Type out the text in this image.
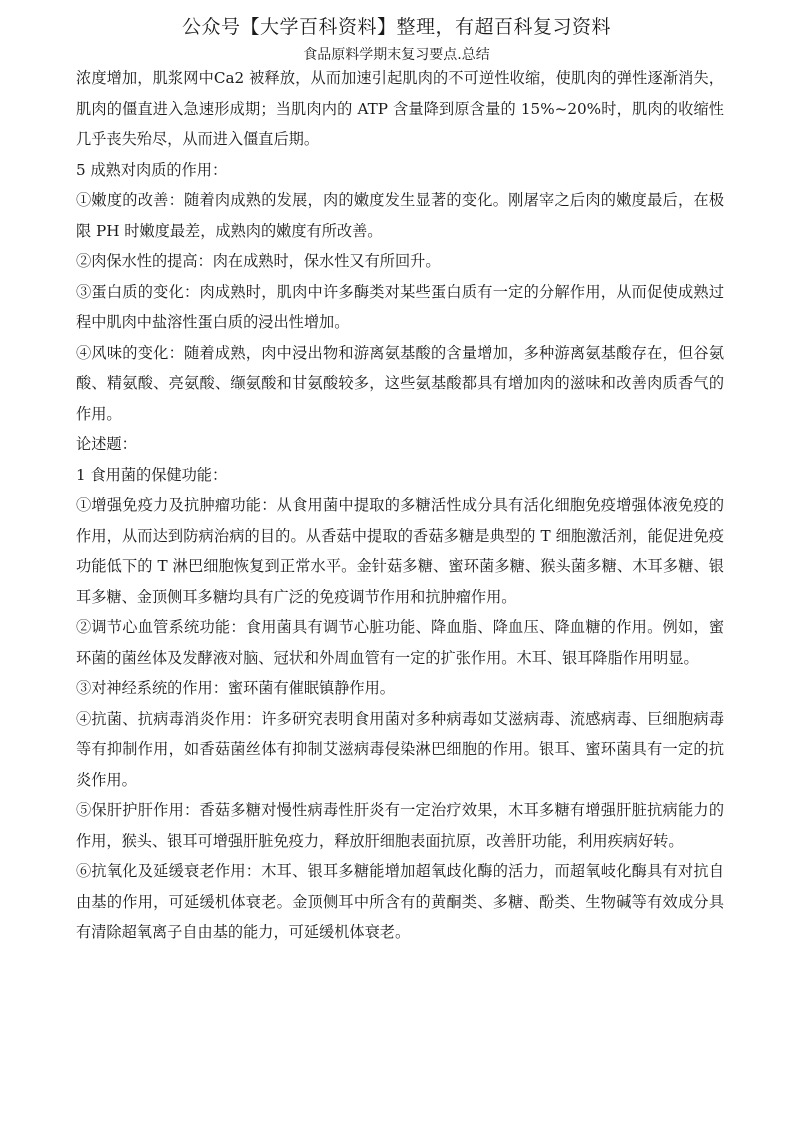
公众号【大学百科资料】整理，有超百科复习资料
食品原料学期末复习要点.总结

浓度增加，肌浆网中Ca2 被释放，从而加速引起肌肉的不可逆性收缩，使肌肉的弹性逐渐消失，肌肉的僵直进入急速形成期；当肌肉内的 ATP 含量降到原含量的 15%~20%时，肌肉的收缩性几乎丧失殆尽，从而进入僵直后期。

5 成熟对肉质的作用：

①嫩度的改善：随着肉成熟的发展，肉的嫩度发生显著的变化。刚屠宰之后肉的嫩度最后，在极限 PH 时嫩度最差，成熟肉的嫩度有所改善。

②肉保水性的提高：肉在成熟时，保水性又有所回升。

③蛋白质的变化：肉成熟时，肌肉中许多酶类对某些蛋白质有一定的分解作用，从而促使成熟过程中肌肉中盐溶性蛋白质的浸出性增加。

④风味的变化：随着成熟，肉中浸出物和游离氨基酸的含量增加，多种游离氨基酸存在，但谷氨酸、精氨酸、亮氨酸、缬氨酸和甘氨酸较多，这些氨基酸都具有增加肉的滋味和改善肉质香气的作用。

论述题：

1 食用菌的保健功能：

①增强免疫力及抗肿瘤功能：从食用菌中提取的多糖活性成分具有活化细胞免疫增强体液免疫的作用，从而达到防病治病的目的。从香菇中提取的香菇多糖是典型的 T 细胞激活剂，能促进免疫功能低下的 T 淋巴细胞恢复到正常水平。金针菇多糖、蜜环菌多糖、猴头菌多糖、木耳多糖、银耳多糖、金顶侧耳多糖均具有广泛的免疫调节作用和抗肿瘤作用。

②调节心血管系统功能：食用菌具有调节心脏功能、降血脂、降血压、降血糖的作用。例如，蜜环菌的菌丝体及发酵液对脑、冠状和外周血管有一定的扩张作用。木耳、银耳降脂作用明显。

③对神经系统的作用：蜜环菌有催眠镇静作用。

④抗菌、抗病毒消炎作用：许多研究表明食用菌对多种病毒如艾滋病毒、流感病毒、巨细胞病毒等有抑制作用，如香菇菌丝体有抑制艾滋病毒侵染淋巴细胞的作用。银耳、蜜环菌具有一定的抗炎作用。

⑤保肝护肝作用：香菇多糖对慢性病毒性肝炎有一定治疗效果，木耳多糖有增强肝脏抗病能力的作用，猴头、银耳可增强肝脏免疫力，释放肝细胞表面抗原，改善肝功能，利用疾病好转。

⑥抗氧化及延缓衰老作用：木耳、银耳多糖能增加超氧歧化酶的活力，而超氧岐化酶具有对抗自由基的作用，可延缓机体衰老。金顶侧耳中所含有的黄酮类、多糖、酚类、生物碱等有效成分具有清除超氧离子自由基的能力，可延缓机体衰老。
